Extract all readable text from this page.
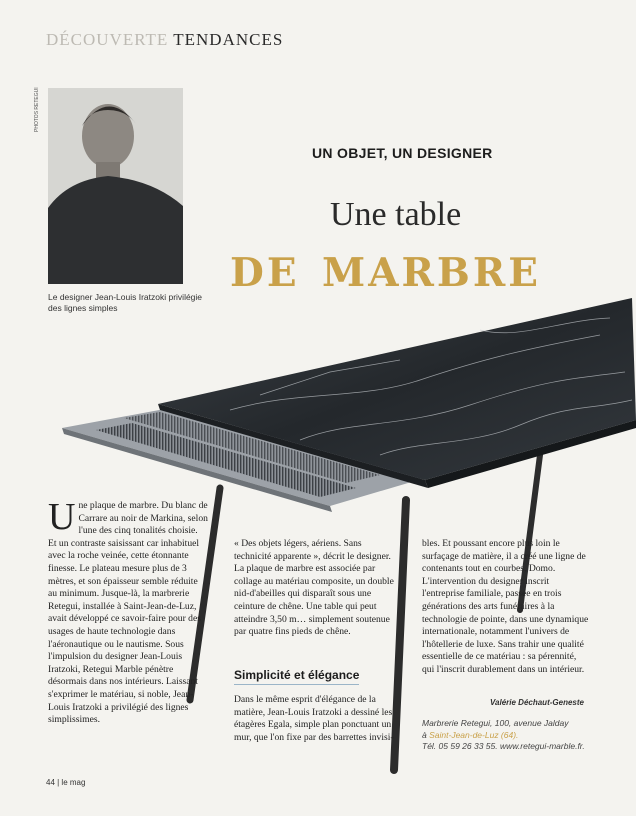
DÉCOUVERTE TENDANCES
PHOTOS RETEGUI
Le designer Jean-Louis Iratzoki privilégie des lignes simples
UN OBJET, UN DESIGNER
Une table
de marbre
U ne plaque de marbre. Du blanc de Carrare au noir de Markina, selon l'une des cinq tonalités choisie. Et un contraste saisissant car inhabituel avec la roche veinée, cette étonnante finesse. Le plateau mesure plus de 3 mètres, et son épaisseur semble réduite au minimum. Jusque-là, la marbrerie Retegui, installée à Saint-Jean-de-Luz, avait développé ce savoir-faire pour des usages de haute technologie dans l'aéronautique ou le nautisme. Sous l'impulsion du designer Jean-Louis Iratzoki, Retegui Marble pénètre désormais dans nos intérieurs. Laissant s'exprimer le matériau, si noble, Jean-Louis Iratzoki a privilégié des lignes simplissimes.

« Des objets légers, aériens. Sans technicité apparente », décrit le designer. La plaque de marbre est associée par collage au matériau composite, un double nid-d'abeilles qui disparaît sous une ceinture de chêne. Une table qui peut atteindre 3,50 m… simplement soutenue par quatre fins pieds de chêne.

Simplicité et élégance

Dans le même esprit d'élégance de la matière, Jean-Louis Iratzoki a dessiné les étagères Egala, simple plan ponctuant un mur, que l'on fixe par des barrettes invisi-

bles. Et poussant encore plus loin le surfaçage de matière, il a créé une ligne de contenants tout en courbes, Domo. L'intervention du designer inscrit l'entreprise familiale, passée en trois générations des arts funéraires à la technologie de pointe, dans une dynamique internationale, notamment l'univers de l'hôtellerie de luxe. Sans trahir une qualité essentielle de ce matériau : sa pérennité, qui l'inscrit durablement dans un intérieur.

Valérie Déchaut-Geneste
Marbrerie Retegui, 100, avenue Jalday
à Saint-Jean-de-Luz (64).
Tél. 05 59 26 33 55. www.retegui-marble.fr.
44 | le mag
